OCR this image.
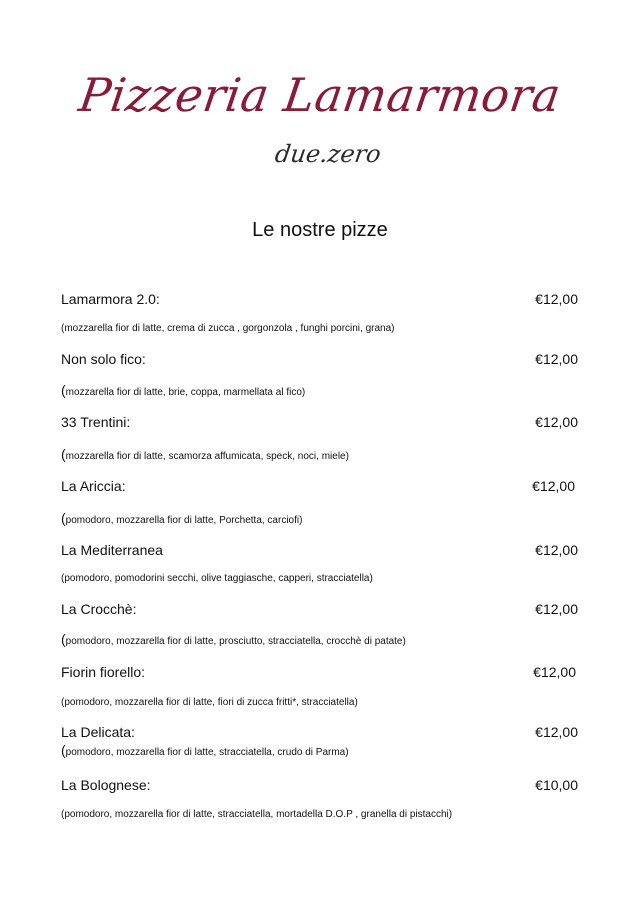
Pizzeria Lamarmora
due.zero
Le nostre pizze
Lamarmora 2.0:	€12,00
(mozzarella fior di latte, crema di zucca , gorgonzola , funghi porcini, grana)
Non solo fico:	€12,00
(mozzarella fior di latte, brie, coppa, marmellata al fico)
33 Trentini:	€12,00
(mozzarella fior di latte, scamorza affumicata, speck, noci, miele)
La Ariccia:	€12,00
(pomodoro, mozzarella fior di latte, Porchetta, carciofi)
La Mediterranea	€12,00
(pomodoro, pomodorini secchi, olive taggiasche, capperi, stracciatella)
La Crocchè:	€12,00
(pomodoro, mozzarella fior di latte, prosciutto, stracciatella, crocchè di patate)
Fiorin fiorello:	€12,00
(pomodoro, mozzarella fior di latte, fiori di zucca fritti*, stracciatella)
La Delicata:	€12,00
(pomodoro, mozzarella fior di latte, stracciatella, crudo di Parma)
La Bolognese:	€10,00
(pomodoro, mozzarella fior di latte, stracciatella, mortadella D.O.P , granella di pistacchi)
